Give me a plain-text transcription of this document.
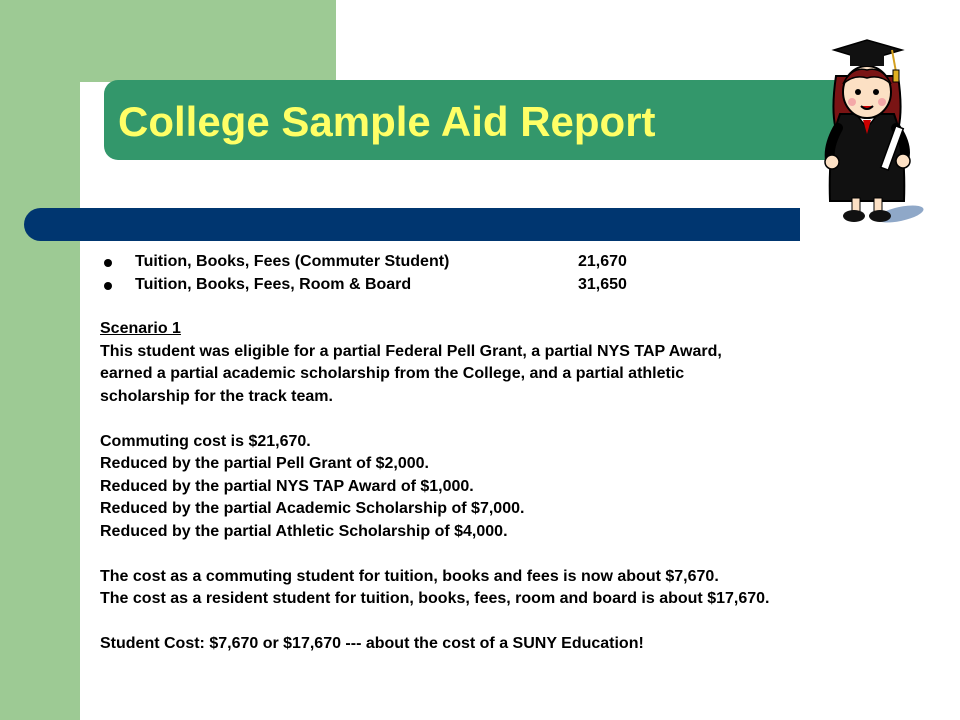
College Sample Aid Report
Tuition, Books, Fees (Commuter Student)	21,670
Tuition, Books, Fees, Room & Board	31,650
Scenario 1
This student was eligible for a partial Federal Pell Grant, a partial NYS TAP Award,
earned a partial academic scholarship from the College, and a partial athletic
scholarship for the track team.
Commuting cost is $21,670.
Reduced by the partial Pell Grant of $2,000.
Reduced by the partial NYS TAP Award of $1,000.
Reduced by the partial Academic Scholarship of $7,000.
Reduced by the partial Athletic Scholarship of $4,000.
The cost as a commuting student for tuition, books and fees is now about $7,670.
The cost as a resident student for tuition, books, fees, room and board is about $17,670.
Student Cost: $7,670 or $17,670 --- about the cost of a SUNY Education!
